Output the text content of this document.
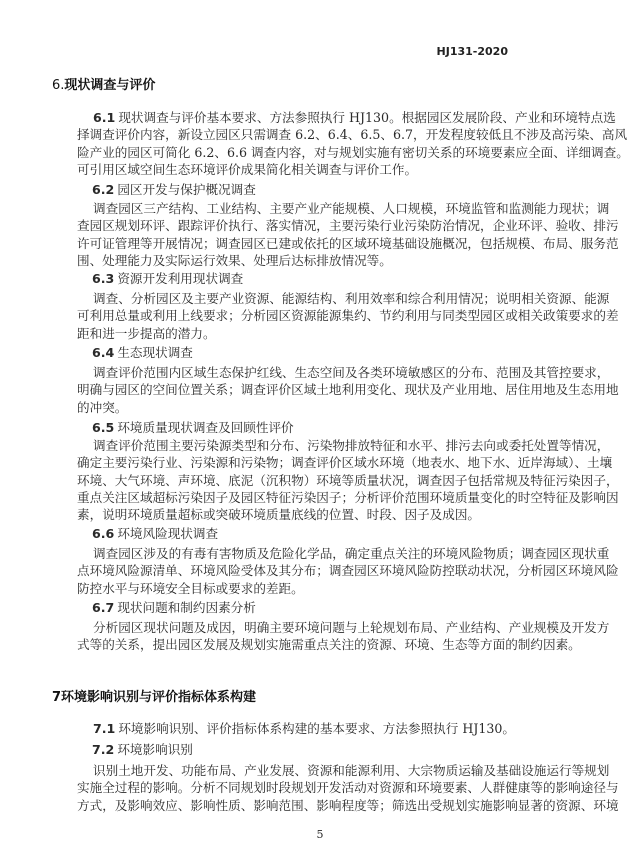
HJ131-2020
6.现状调查与评价
7环境影响识别与评价指标体系构建
6.1 现状调查与评价基本要求、方法参照执行 HJ130。根据园区发展阶段、产业和环境特点选
择调查评价内容，新设立园区只需调查 6.2、6.4、6.5、6.7，开发程度较低且不涉及高污染、高风
险产业的园区可简化 6.2、6.6 调查内容，对与规划实施有密切关系的环境要素应全面、详细调查。
可引用区域空间生态环境评价成果简化相关调查与评价工作。
6.2 园区开发与保护概况调查
调查园区三产结构、工业结构、主要产业产能规模、人口规模，环境监管和监测能力现状；调
查园区规划环评、跟踪评价执行、落实情况，主要污染行业污染防治情况，企业环评、验收、排污
许可证管理等开展情况；调查园区已建或依托的区域环境基础设施概况，包括规模、布局、服务范
围、处理能力及实际运行效果、处理后达标排放情况等。
6.3 资源开发利用现状调查
调查、分析园区及主要产业资源、能源结构、利用效率和综合利用情况；说明相关资源、能源
可利用总量或利用上线要求；分析园区资源能源集约、节约利用与同类型园区或相关政策要求的差
距和进一步提高的潜力。
6.4 生态现状调查
调查评价范围内区域生态保护红线、生态空间及各类环境敏感区的分布、范围及其管控要求，
明确与园区的空间位置关系；调查评价区域土地利用变化、现状及产业用地、居住用地及生态用地
的冲突。
6.5 环境质量现状调查及回顾性评价
调查评价范围主要污染源类型和分布、污染物排放特征和水平、排污去向或委托处置等情况，
确定主要污染行业、污染源和污染物；调查评价区域水环境（地表水、地下水、近岸海域）、土壤
环境、大气环境、声环境、底泥（沉积物）环境等质量状况，调查因子包括常规及特征污染因子，
重点关注区域超标污染因子及园区特征污染因子；分析评价范围环境质量变化的时空特征及影响因
素，说明环境质量超标或突破环境质量底线的位置、时段、因子及成因。
6.6 环境风险现状调查
调查园区涉及的有毒有害物质及危险化学品，确定重点关注的环境风险物质；调查园区现状重
点环境风险源清单、环境风险受体及其分布；调查园区环境风险防控联动状况，分析园区环境风险
防控水平与环境安全目标或要求的差距。
6.7 现状问题和制约因素分析
分析园区现状问题及成因，明确主要环境问题与上轮规划布局、产业结构、产业规模及开发方
式等的关系，提出园区发展及规划实施需重点关注的资源、环境、生态等方面的制约因素。
7.1 环境影响识别、评价指标体系构建的基本要求、方法参照执行 HJ130。
7.2 环境影响识别
识别土地开发、功能布局、产业发展、资源和能源利用、大宗物质运输及基础设施运行等规划
实施全过程的影响。分析不同规划时段规划开发活动对资源和环境要素、人群健康等的影响途径与
方式，及影响效应、影响性质、影响范围、影响程度等；筛选出受规划实施影响显著的资源、环境
5
